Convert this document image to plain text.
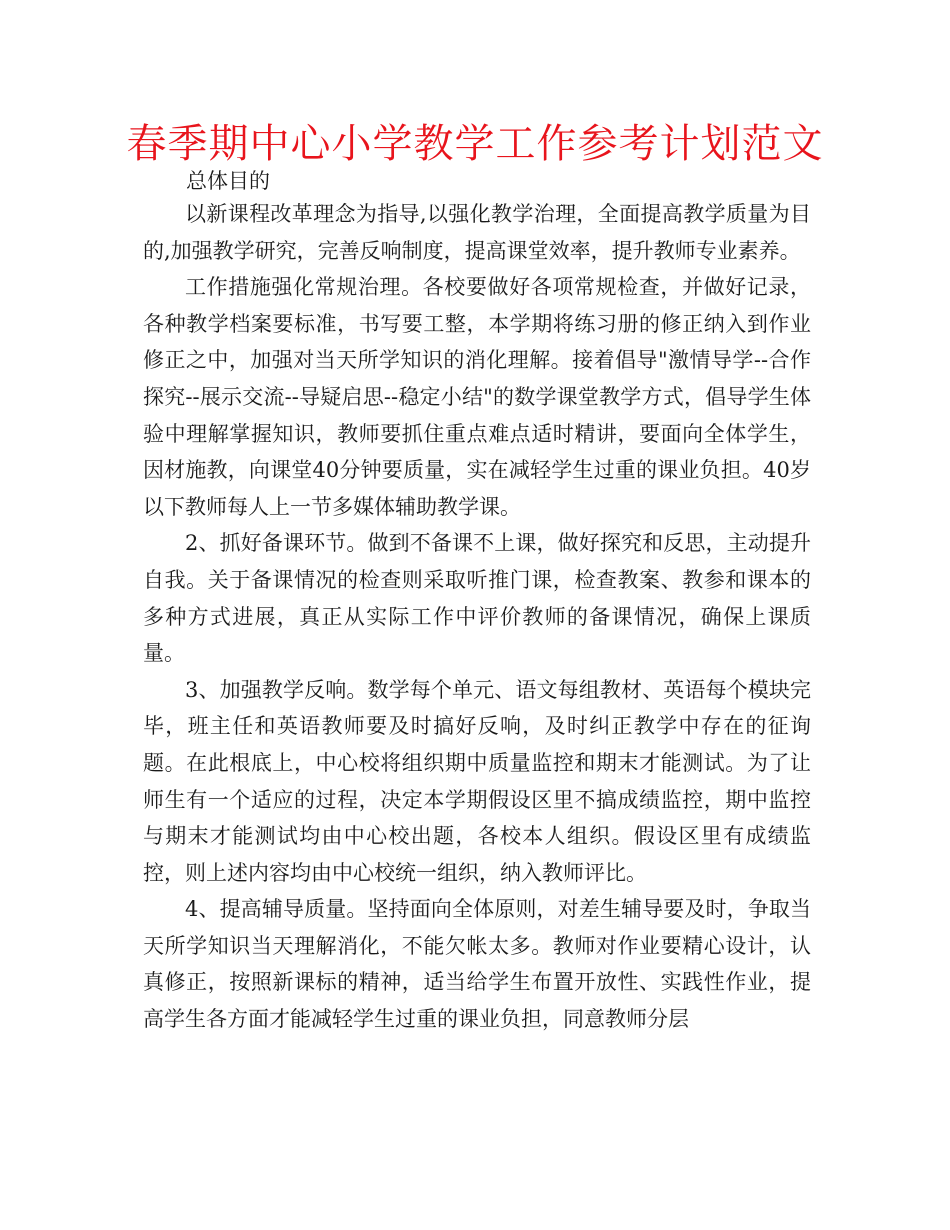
春季期中心小学教学工作参考计划范文

总体目的

以新课程改革理念为指导,以强化教学治理，全面提高教学质量为目的,加强教学研究，完善反响制度，提高课堂效率，提升教师专业素养。

工作措施强化常规治理。各校要做好各项常规检查，并做好记录，各种教学档案要标准，书写要工整，本学期将练习册的修正纳入到作业修正之中，加强对当天所学知识的消化理解。接着倡导"激情导学--合作探究--展示交流--导疑启思--稳定小结"的数学课堂教学方式，倡导学生体验中理解掌握知识，教师要抓住重点难点适时精讲，要面向全体学生，因材施教，向课堂40分钟要质量，实在减轻学生过重的课业负担。40岁以下教师每人上一节多媒体辅助教学课。

2、抓好备课环节。做到不备课不上课，做好探究和反思，主动提升自我。关于备课情况的检查则采取听推门课，检查教案、教参和课本的多种方式进展，真正从实际工作中评价教师的备课情况，确保上课质量。

3、加强教学反响。数学每个单元、语文每组教材、英语每个模块完毕，班主任和英语教师要及时搞好反响，及时纠正教学中存在的征询题。在此根底上，中心校将组织期中质量监控和期末才能测试。为了让师生有一个适应的过程，决定本学期假设区里不搞成绩监控，期中监控与期末才能测试均由中心校出题，各校本人组织。假设区里有成绩监控，则上述内容均由中心校统一组织，纳入教师评比。

4、提高辅导质量。坚持面向全体原则，对差生辅导要及时，争取当天所学知识当天理解消化，不能欠帐太多。教师对作业要精心设计，认真修正，按照新课标的精神，适当给学生布置开放性、实践性作业，提高学生各方面才能减轻学生过重的课业负担，同意教师分层
